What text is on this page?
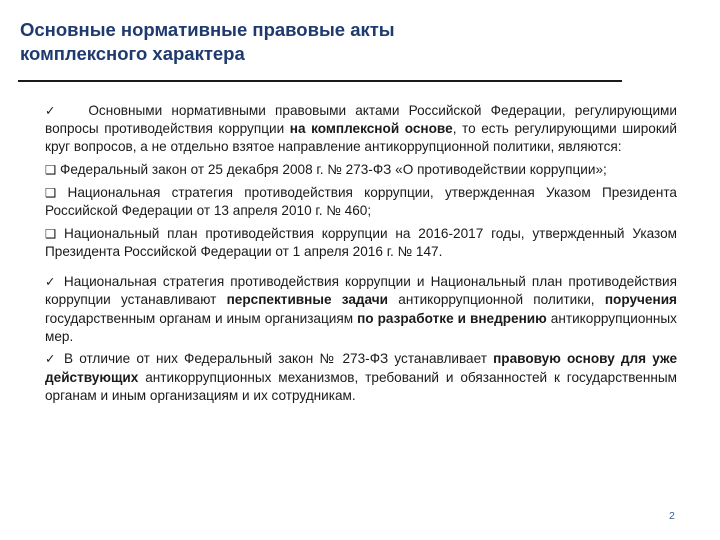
Основные нормативные правовые акты
комплексного характера

✓ Основными нормативными правовыми актами Российской Федерации, регулирующими вопросы противодействия коррупции на комплексной основе, то есть регулирующими широкий круг вопросов, а не отдельно взятое направление антикоррупционной политики, являются:

❑ Федеральный закон от 25 декабря 2008 г. № 273-ФЗ «О противодействии коррупции»;

❑ Национальная стратегия противодействия коррупции, утвержденная Указом Президента Российской Федерации от 13 апреля 2010 г. № 460;

❑ Национальный план противодействия коррупции на 2016-2017 годы, утвержденный Указом Президента Российской Федерации от 1 апреля 2016 г. № 147.

✓ Национальная стратегия противодействия коррупции и Национальный план противодействия коррупции устанавливают перспективные задачи антикоррупционной политики, поручения государственным органам и иным организациям по разработке и внедрению антикоррупционных мер.

✓ В отличие от них Федеральный закон № 273-ФЗ устанавливает правовую основу для уже действующих антикоррупционных механизмов, требований и обязанностей к государственным органам и иным организациям и их сотрудникам.

2
